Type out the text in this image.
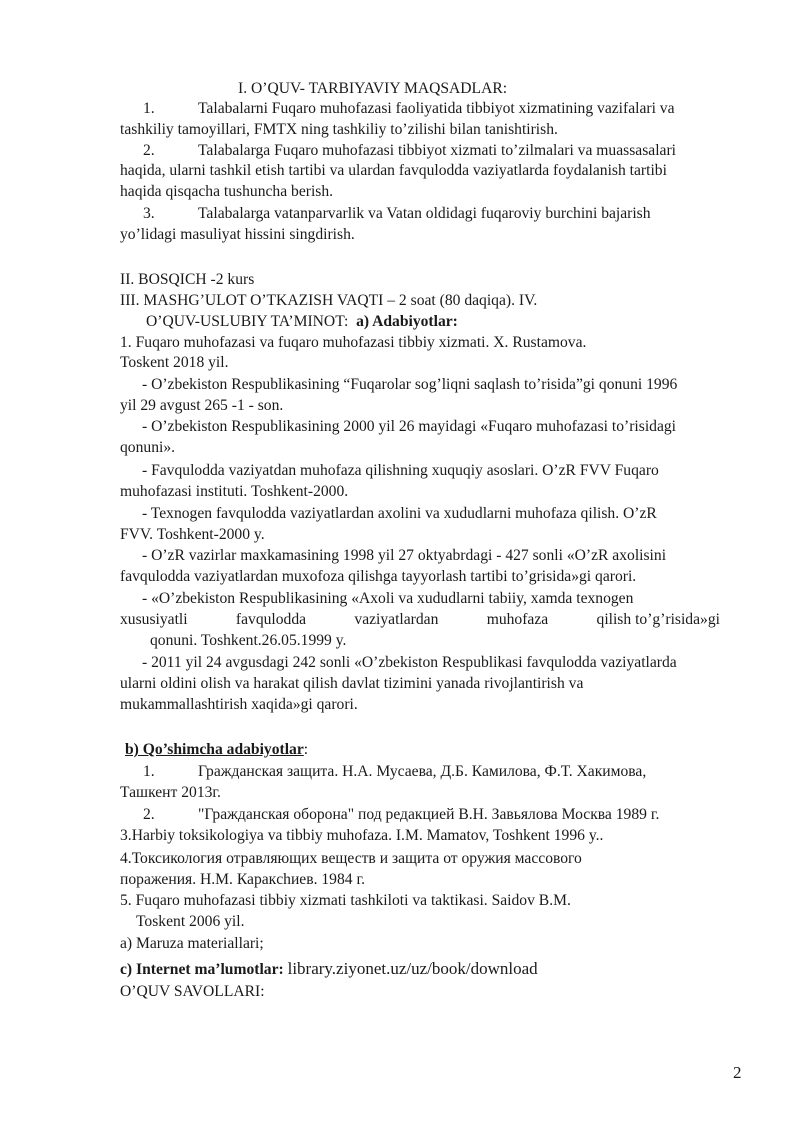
I. O’QUV- TARBIYAVIY MAQSADLAR:
1.	Talabalarni Fuqaro muhofazasi faoliyatida tibbiyot xizmatining vazifalari va
tashkiliy tamoyillari, FMTX ning tashkiliy to’zilishi bilan tanishtirish.
2.	Talabalarga Fuqaro muhofazasi tibbiyot xizmati to’zilmalari va muassasalari
haqida, ularni tashkil etish tartibi va ulardan favqulodda vaziyatlarda foydalanish tartibi
haqida qisqacha tushuncha berish.
3.	Talabalarga vatanparvarlik va Vatan oldidagi fuqaroviy burchini bajarish
yo’lidagi masuliyat hissini singdirish.
II. BOSQICH -2 kurs
III. MASHG’ULOT O’TKAZISH VAQTI – 2 soat (80 daqiqa). IV.
O’QUV-USLUBIY TA’MINOT: a) Adabiyotlar:
1. Fuqaro muhofazasi va fuqaro muhofazasi tibbiy xizmati. X. Rustamova.
Toskent 2018 yil.
- O’zbekiston Respublikasining “Fuqarolar sog’liqni saqlash to’risida”gi qonuni 1996
yil 29 avgust 265 -1 - son.
- O’zbekiston Respublikasining 2000 yil 26 mayidagi «Fuqaro muhofazasi to’risidagi
qonuni».
- Favqulodda vaziyatdan muhofaza qilishning xuquqiy asoslari. O’zR FVV Fuqaro
muhofazasi instituti. Toshkent-2000.
- Texnogen favqulodda vaziyatlardan axolini va xududlarni muhofaza qilish. O’zR
FVV. Toshkent-2000 y.
- O’zR vazirlar maxkamasining 1998 yil 27 oktyabrdagi - 427 sonli «O’zR axolisini
favqulodda vaziyatlardan muxofoza qilishga tayyorlash tartibi to’grisida»gi qarori.
- «O’zbekiston Respublikasining «Axoli va xududlarni tabiiy, xamda texnogen
xususiyatli	favqulodda	vaziyatlardan	muhofaza	qilish to’g’risida»gi
qonuni. Toshkent.26.05.1999 y.
- 2011 yil 24 avgusdagi 242 sonli «O’zbekiston Respublikasi favqulodda vaziyatlarda
ularni oldini olish va harakat qilish davlat tizimini yanada rivojlantirish va
mukammallashtirish xaqida»gi qarori.
b) Qo’shimcha adabiyotlar:
1.	Гражданская защита. Н.А. Мусаева, Д.Б. Камилова, Ф.Т. Хакимова,
Ташкент 2013г.
2.	"Гражданская оборона" под редакцией В.Н. Завьялова Москва 1989 г.
3.Harbiy toksikologiya va tibbiy muhofaza. I.M. Mamatov, Toshkent 1996 y..
4.Токсикология отравляющих веществ и защита от оружия массового
поражения. Н.М. Каракchиев. 1984 г.
5. Fuqaro muhofazasi tibbiy xizmati tashkiloti va taktikasi. Saidov B.M.
Toskent 2006 yil.
a) Maruza materiallari;
c) Internet ma’lumotlar: library.ziyonet.uz/uz/book/download
O’QUV SAVOLLARI:
2
